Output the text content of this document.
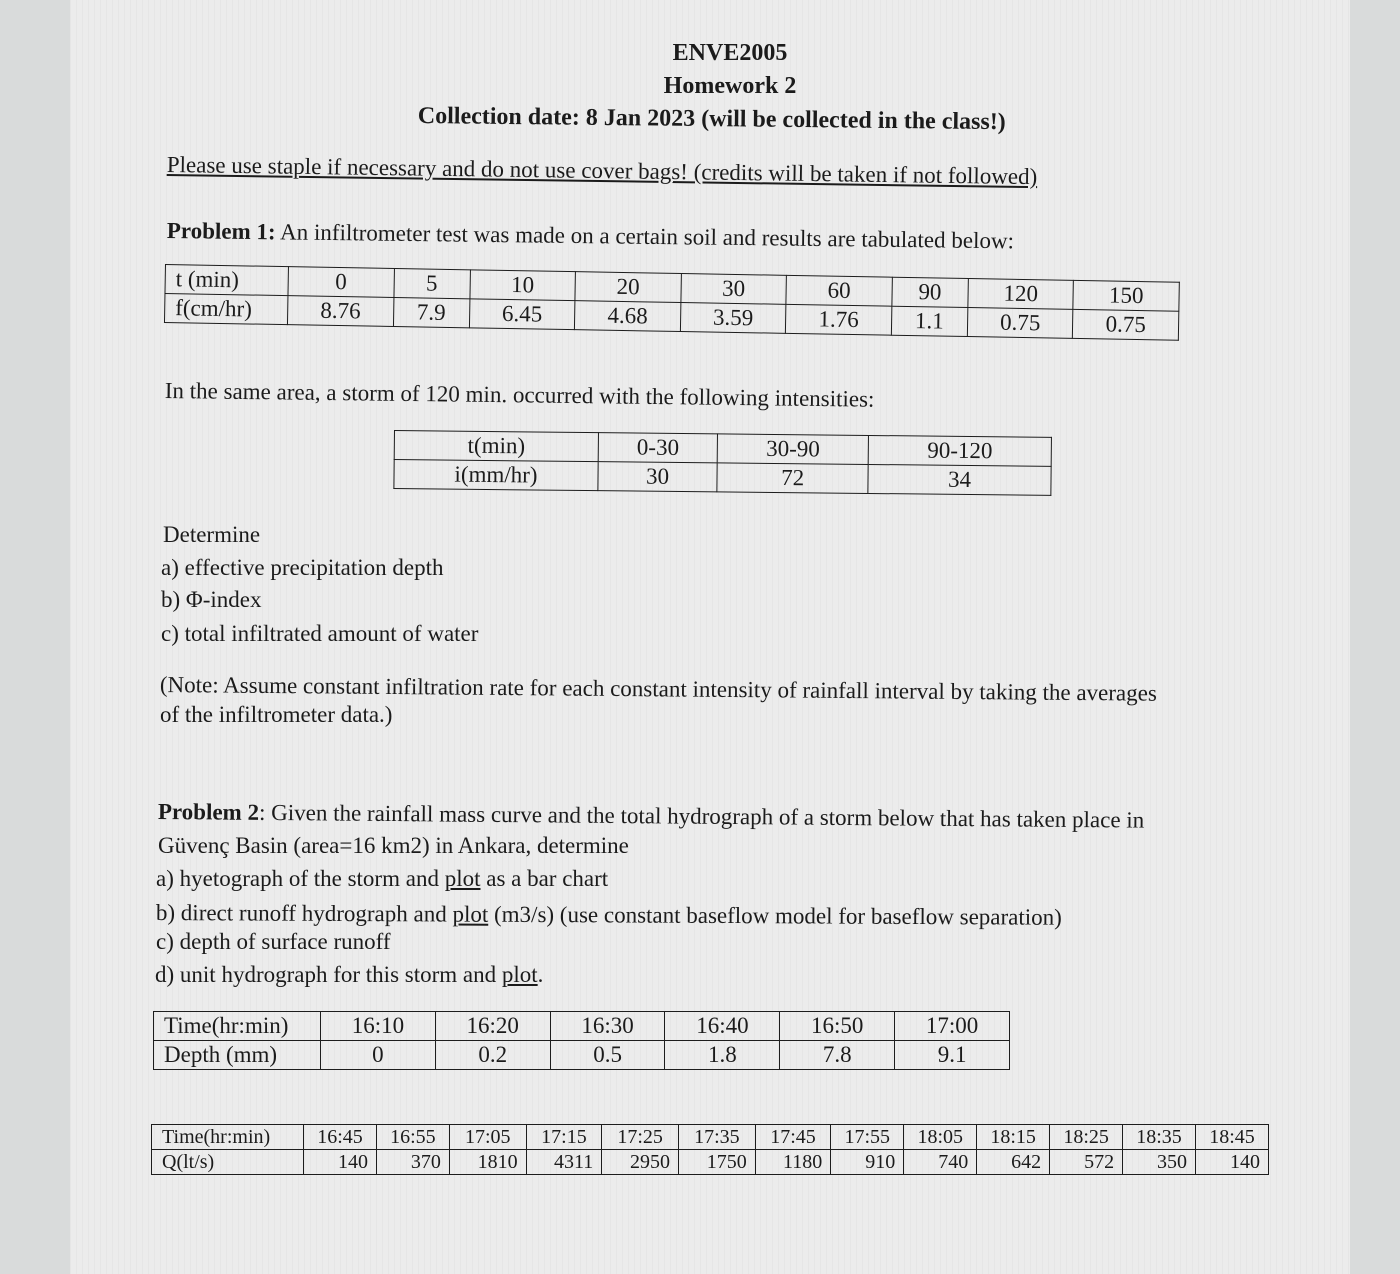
ENVE2005
Homework 2
Collection date: 8 Jan 2023 (will be collected in the class!)
Please use staple if necessary and do not use cover bags! (credits will be taken if not followed)
Problem 1: An infiltrometer test was made on a certain soil and results are tabulated below:
t (min)	0	5	10	20	30	60	90	120	150
f(cm/hr)	8.76	7.9	6.45	4.68	3.59	1.76	1.1	0.75	0.75
In the same area, a storm of 120 min. occurred with the following intensities:
t(min)	0-30	30-90	90-120
i(mm/hr)	30	72	34
Determine
a) effective precipitation depth
b) Φ-index
c) total infiltrated amount of water
(Note: Assume constant infiltration rate for each constant intensity of rainfall interval by taking the averages
of the infiltrometer data.)
Problem 2: Given the rainfall mass curve and the total hydrograph of a storm below that has taken place in
Güvenç Basin (area=16 km2) in Ankara, determine
a) hyetograph of the storm and plot as a bar chart
b) direct runoff hydrograph and plot (m3/s) (use constant baseflow model for baseflow separation)
c) depth of surface runoff
d) unit hydrograph for this storm and plot.
Time(hr:min)	16:10	16:20	16:30	16:40	16:50	17:00
Depth (mm)	0	0.2	0.5	1.8	7.8	9.1
Time(hr:min)	16:45	16:55	17:05	17:15	17:25	17:35	17:45	17:55	18:05	18:15	18:25	18:35	18:45
Q(lt/s)	140	370	1810	4311	2950	1750	1180	910	740	642	572	350	140
